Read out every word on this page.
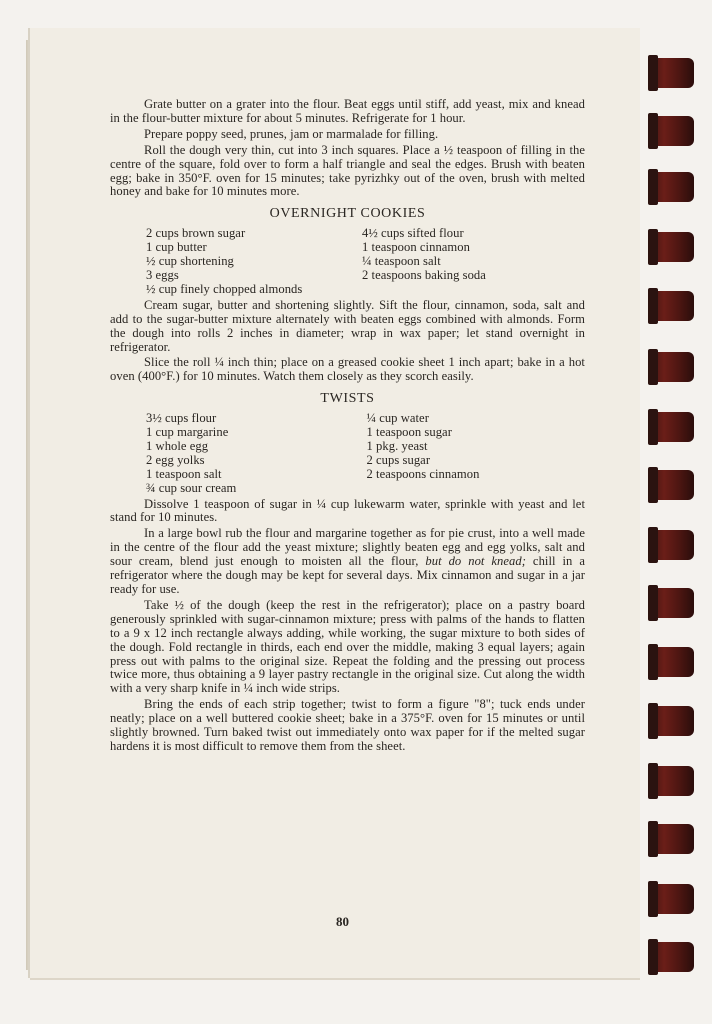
Grate butter on a grater into the flour. Beat eggs until stiff, add yeast, mix and knead in the flour-butter mixture for about 5 minutes. Refrigerate for 1 hour.

Prepare poppy seed, prunes, jam or marmalade for filling.

Roll the dough very thin, cut into 3 inch squares. Place a ½ teaspoon of filling in the centre of the square, fold over to form a half triangle and seal the edges. Brush with beaten egg; bake in 350°F. oven for 15 minutes; take pyrizhky out of the oven, brush with melted honey and bake for 10 minutes more.

OVERNIGHT COOKIES
2 cups brown sugar
1 cup butter
½ cup shortening
3 eggs
½ cup finely chopped almonds
4½ cups sifted flour
1 teaspoon cinnamon
¼ teaspoon salt
2 teaspoons baking soda

Cream sugar, butter and shortening slightly. Sift the flour, cinnamon, soda, salt and add to the sugar-butter mixture alternately with beaten eggs combined with almonds. Form the dough into rolls 2 inches in diameter; wrap in wax paper; let stand overnight in refrigerator.

Slice the roll ¼ inch thin; place on a greased cookie sheet 1 inch apart; bake in a hot oven (400°F.) for 10 minutes. Watch them closely as they scorch easily.

TWISTS
3½ cups flour
1 cup margarine
1 whole egg
2 egg yolks
1 teaspoon salt
¾ cup sour cream
¼ cup water
1 teaspoon sugar
1 pkg. yeast
2 cups sugar
2 teaspoons cinnamon

Dissolve 1 teaspoon of sugar in ¼ cup lukewarm water, sprinkle with yeast and let stand for 10 minutes.

In a large bowl rub the flour and margarine together as for pie crust, into a well made in the centre of the flour add the yeast mixture; slightly beaten egg and egg yolks, salt and sour cream, blend just enough to moisten all the flour, but do not knead; chill in a refrigerator where the dough may be kept for several days. Mix cinnamon and sugar in a jar ready for use.

Take ½ of the dough (keep the rest in the refrigerator); place on a pastry board generously sprinkled with sugar-cinnamon mixture; press with palms of the hands to flatten to a 9 x 12 inch rectangle always adding, while working, the sugar mixture to both sides of the dough. Fold rectangle in thirds, each end over the middle, making 3 equal layers; again press out with palms to the original size. Repeat the folding and the pressing out process twice more, thus obtaining a 9 layer pastry rectangle in the original size. Cut along the width with a very sharp knife in ¼ inch wide strips.

Bring the ends of each strip together; twist to form a figure "8"; tuck ends under neatly; place on a well buttered cookie sheet; bake in a 375°F. oven for 15 minutes or until slightly browned. Turn baked twist out immediately onto wax paper for if the melted sugar hardens it is most difficult to remove them from the sheet.

80
